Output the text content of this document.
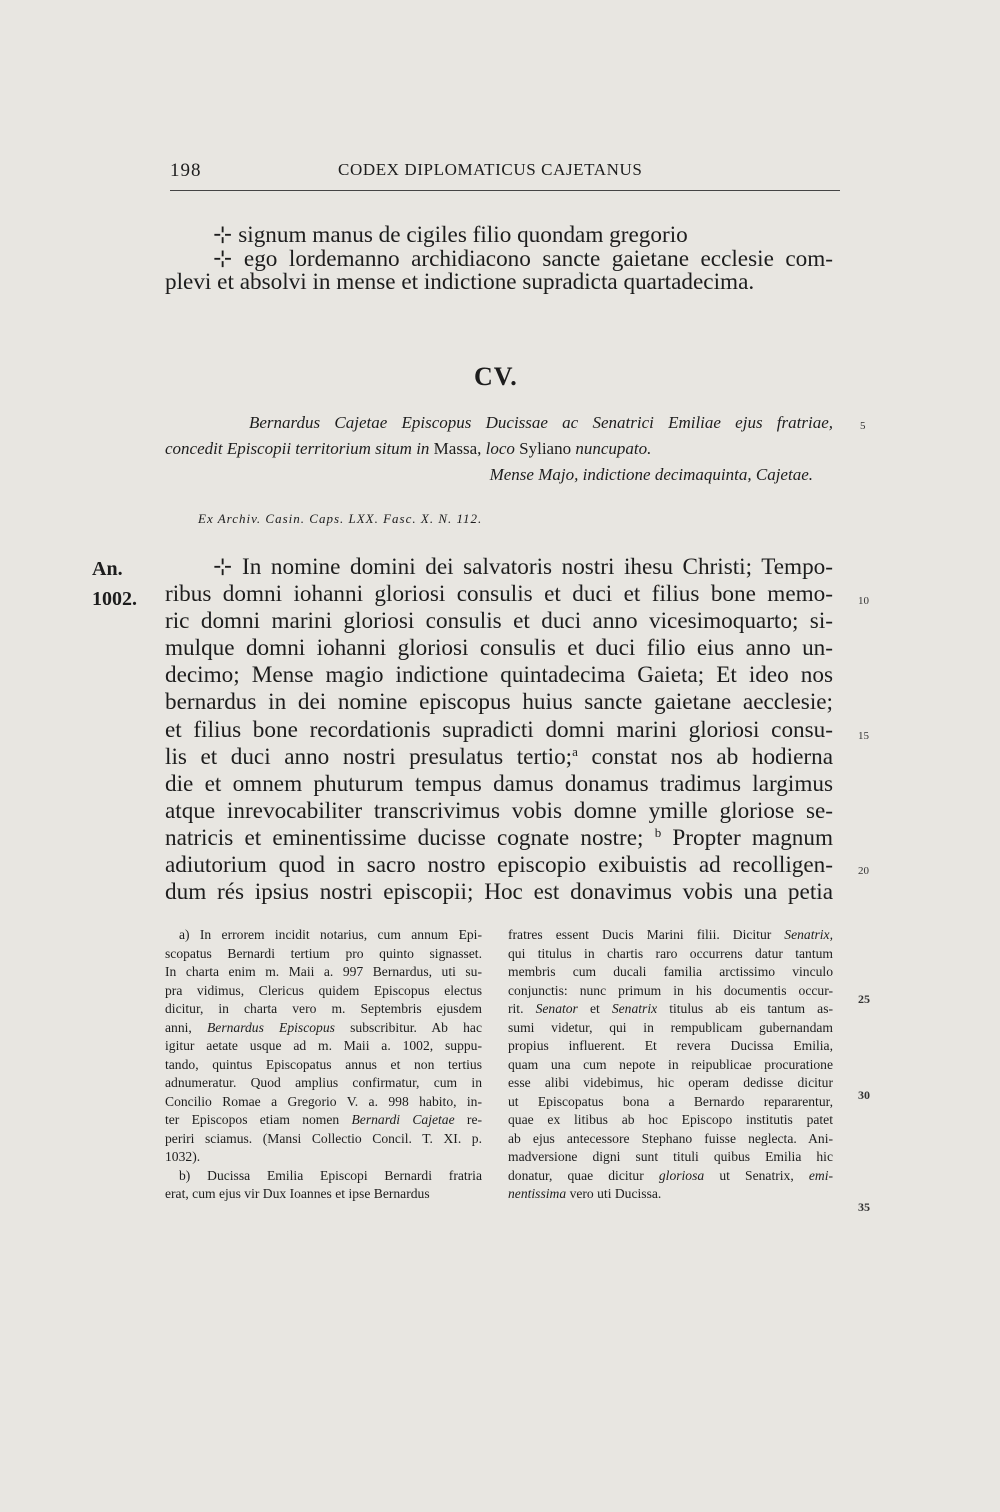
198	CODEX DIPLOMATICUS CAJETANUS
⊹ signum manus de cigiles filio quondam gregorio
⊹ ego lordemanno archidiacono sancte gaietane ecclesie com-
plevi et absolvi in mense et indictione supradicta quartadecima.
CV.
Bernardus Cajetae Episcopus Ducissae ac Senatrici Emiliae ejus fratriae,
concedit Episcopii territorium situm in Massa, loco Syliano nuncupato.
Mense Majo, indictione decimaquinta, Cajetae.
Ex Archiv. Casin. Caps. LXX. Fasc. X. N. 112.
An.
1002.
⊹ In nomine domini dei salvatoris nostri ihesu Christi; Tempo-
ribus domni iohanni gloriosi consulis et duci et filius bone memo-
ric domni marini gloriosi consulis et duci anno vicesimoquarto; si-
mulque domni iohanni gloriosi consulis et duci filio eius anno un-
decimo; Mense magio indictione quintadecima Gaieta; Et ideo nos
bernardus in dei nomine episcopus huius sancte gaietane aecclesie;
et filius bone recordationis supradicti domni marini gloriosi consu-
lis et duci anno nostri presulatus tertio;$^a$ constat nos ab hodierna
die et omnem phuturum tempus damus donamus tradimus largimus
atque inrevocabiliter transcrivimus vobis domne ymille gloriose se-
natricis et eminentissime ducisse cognate nostre; $^b$ Propter magnum
adiutorium quod in sacro nostro episcopio exibuistis ad recolligen-
dum rés ipsius nostri episcopii; Hoc est donavimus vobis una petia
5
10
15
20
a) In errorem incidit notarius, cum annum Epi-
scopatus Bernardi tertium pro quinto signasset.
In charta enim m. Maii a. 997 Bernardus, uti su-
pra vidimus, Clericus quidem Episcopus electus
dicitur, in charta vero m. Septembris ejusdem
anni, Bernardus Episcopus subscribitur. Ab hac
igitur aetate usque ad m. Maii a. 1002, suppu-
tando, quintus Episcopatus annus et non tertius
adnumeratur. Quod amplius confirmatur, cum in
Concilio Romae a Gregorio V. a. 998 habito, in-
ter Episcopos etiam nomen Bernardi Cajetae re-
periri sciamus. (Mansi Collectio Concil. T. XI. p.
1032).
b) Ducissa Emilia Episcopi Bernardi fratria
erat, cum ejus vir Dux Ioannes et ipse Bernardus
fratres essent Ducis Marini filii. Dicitur Senatrix,
qui titulus in chartis raro occurrens datur tantum
membris cum ducali familia arctissimo vinculo
conjunctis: nunc primum in his documentis occur-
rit. Senator et Senatrix titulus ab eis tantum as-
sumi videtur, qui in rempublicam gubernandam
propius influerent. Et revera Ducissa Emilia,
quam una cum nepote in reipublicae procuratione
esse alibi videbimus, hic operam dedisse dicitur
ut Episcopatus bona a Bernardo repararentur,
quae ex litibus ab hoc Episcopo institutis patet
ab ejus antecessore Stephano fuisse neglecta. Ani-
madversione digni sunt tituli quibus Emilia hic
donatur, quae dicitur gloriosa ut Senatrix, emi-
nentissima vero uti Ducissa.
25
30
35
